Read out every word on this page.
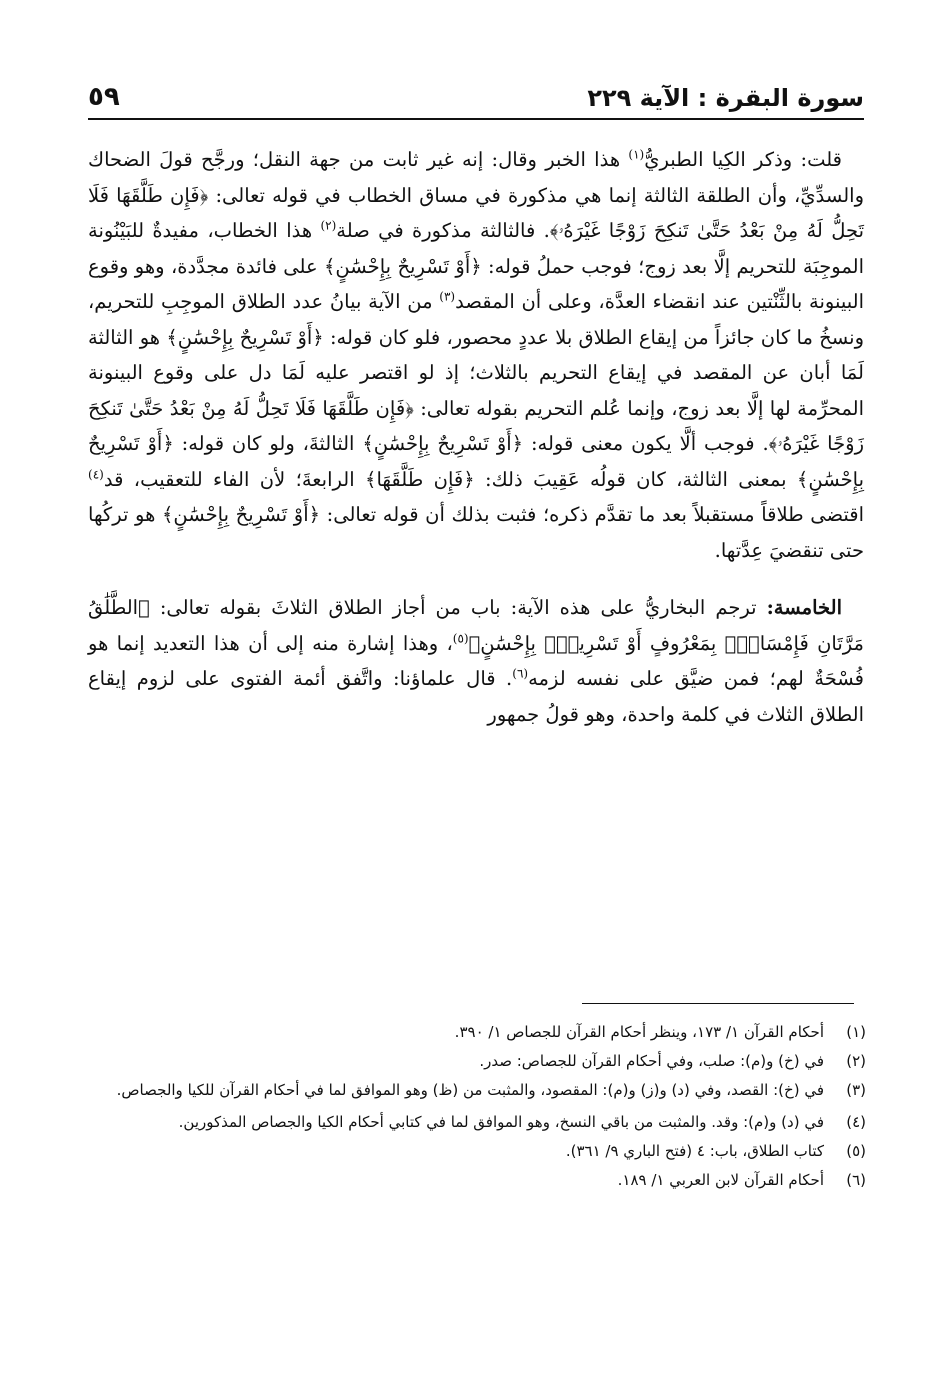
سورة البقرة : الآية ٢٢٩
٥٩

قلت: وذكر الكِيا الطبريُّ$^{(١)}$ هذا الخبر وقال: إنه غير ثابت من جهة النقل؛ ورجَّح قولَ الضحاك والسدِّيِّ، وأن الطلقة الثالثة إنما هي مذكورة في مساق الخطاب في قوله تعالى: ﴿فَإِن طَلَّقَهَا فَلَا تَحِلُّ لَهُ مِنْ بَعْدُ حَتَّىٰ تَنكِحَ زَوْجًا غَيْرَهُۥ﴾. فالثالثة مذكورة في صلة$^{(٢)}$ هذا الخطاب، مفيدةٌ للبَيْنُونة الموجِبَة للتحريم إلَّا بعد زوج؛ فوجب حملُ قوله: ﴿أَوْ تَسْرِيحٌ بِإِحْسَٰنٍ﴾ على فائدة مجدَّدة، وهو وقوع البينونة بالثِّنْتين عند انقضاء العدَّة، وعلى أن المقصد$^{(٣)}$ من الآية بيانُ عدد الطلاق الموجِبِ للتحريم، ونسخُ ما كان جائزاً من إيقاع الطلاق بلا عددٍ محصور، فلو كان قوله: ﴿أَوْ تَسْرِيحٌ بِإِحْسَٰنٍ﴾ هو الثالثة لَمَا أبان عن المقصد في إيقاع التحريم بالثلاث؛ إذ لو اقتصر عليه لَمَا دل على وقوع البينونة المحرِّمة لها إلَّا بعد زوج، وإنما عُلم التحريم بقوله تعالى: ﴿فَإِن طَلَّقَهَا فَلَا تَحِلُّ لَهُ مِنْ بَعْدُ حَتَّىٰ تَنكِحَ زَوْجًا غَيْرَهُۥ﴾. فوجب ألَّا يكون معنى قوله: ﴿أَوْ تَسْرِيحٌ بِإِحْسَٰنٍ﴾ الثالثةَ، ولو كان قوله: ﴿أَوْ تَسْرِيحٌ بِإِحْسَٰنٍ﴾ بمعنى الثالثة، كان قولُه عَقِيبَ ذلك: ﴿فَإِن طَلَّقَهَا﴾ الرابعةَ؛ لأن الفاء للتعقيب، قد$^{(٤)}$ اقتضى طلاقاً مستقبلاً بعد ما تقدَّم ذكره؛ فثبت بذلك أن قوله تعالى: ﴿أَوْ تَسْرِيحٌ بِإِحْسَٰنٍ﴾ هو تركُها حتى تنقضيَ عِدَّتها.

الخامسة: ترجم البخاريُّ على هذه الآية: باب من أجاز الطلاق الثلاثَ بقوله تعالى: ﴿الطَّلَٰقُ مَرَّتَانِ فَإِمْسَاكٌۢ بِمَعْرُوفٍ أَوْ تَسْرِيحٌۢ بِإِحْسَٰنٍ﴾$^{(٥)}$، وهذا إشارة منه إلى أن هذا التعديد إنما هو فُسْحَةٌ لهم؛ فمن ضيَّق على نفسه لزمه$^{(٦)}$. قال علماؤنا: واتَّفق أئمة الفتوى على لزوم إيقاع الطلاق الثلاث في كلمة واحدة، وهو قولُ جمهور

(١)
أحكام القرآن ١/ ١٧٣، وينظر أحكام القرآن للجصاص ١/ ٣٩٠.
(٢)
في (خ) و(م): صلب، وفي أحكام القرآن للجصاص: صدر.
(٣)
في (خ): القصد، وفي (د) و(ز) و(م): المقصود، والمثبت من (ظ) وهو الموافق لما في أحكام القرآن للكيا والجصاص.
(٤)
في (د) و(م): وقد. والمثبت من باقي النسخ، وهو الموافق لما في كتابي أحكام الكيا والجصاص المذكورين.
(٥)
كتاب الطلاق، باب: ٤ (فتح الباري ٩/ ٣٦١).
(٦)
أحكام القرآن لابن العربي ١/ ١٨٩.
